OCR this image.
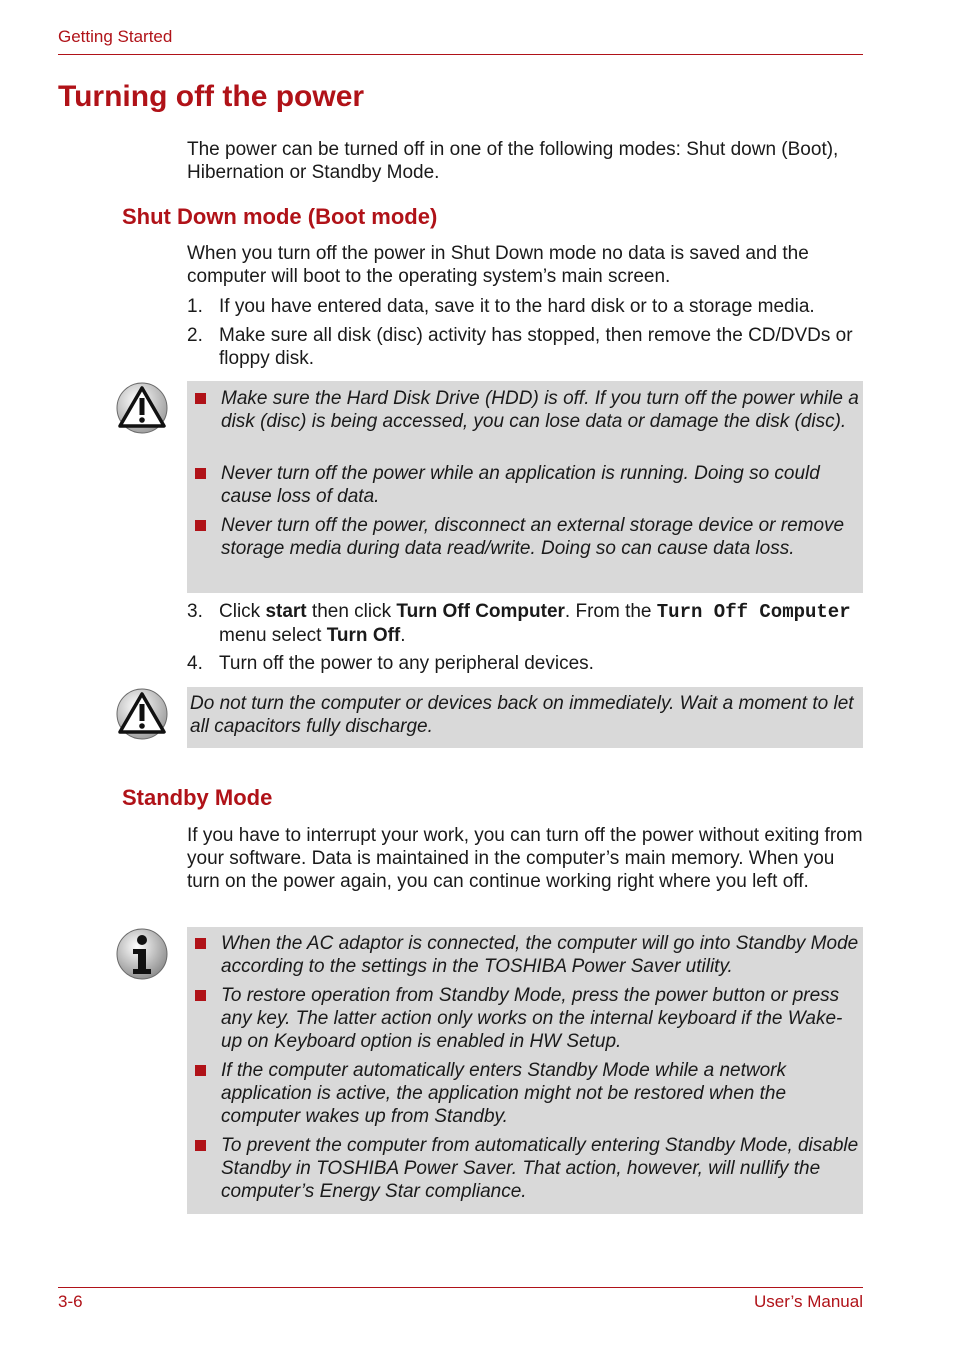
Getting Started
Turning off the power
The power can be turned off in one of the following modes: Shut down (Boot), Hibernation or Standby Mode.
Shut Down mode (Boot mode)
When you turn off the power in Shut Down mode no data is saved and the computer will boot to the operating system’s main screen.
1. If you have entered data, save it to the hard disk or to a storage media.
2. Make sure all disk (disc) activity has stopped, then remove the CD/DVDs or floppy disk.
Make sure the Hard Disk Drive (HDD) is off. If you turn off the power while a disk (disc) is being accessed, you can lose data or damage the disk (disc).
Never turn off the power while an application is running. Doing so could cause loss of data.
Never turn off the power, disconnect an external storage device or remove storage media during data read/write. Doing so can cause data loss.
3. Click start then click Turn Off Computer. From the Turn Off Computer menu select Turn Off.
4. Turn off the power to any peripheral devices.
Do not turn the computer or devices back on immediately. Wait a moment to let all capacitors fully discharge.
Standby Mode
If you have to interrupt your work, you can turn off the power without exiting from your software. Data is maintained in the computer’s main memory. When you turn on the power again, you can continue working right where you left off.
When the AC adaptor is connected, the computer will go into Standby Mode according to the settings in the TOSHIBA Power Saver utility.
To restore operation from Standby Mode, press the power button or press any key. The latter action only works on the internal keyboard if the Wake-up on Keyboard option is enabled in HW Setup.
If the computer automatically enters Standby Mode while a network application is active, the application might not be restored when the computer wakes up from Standby.
To prevent the computer from automatically entering Standby Mode, disable Standby in TOSHIBA Power Saver. That action, however, will nullify the computer’s Energy Star compliance.
3-6	User’s Manual
